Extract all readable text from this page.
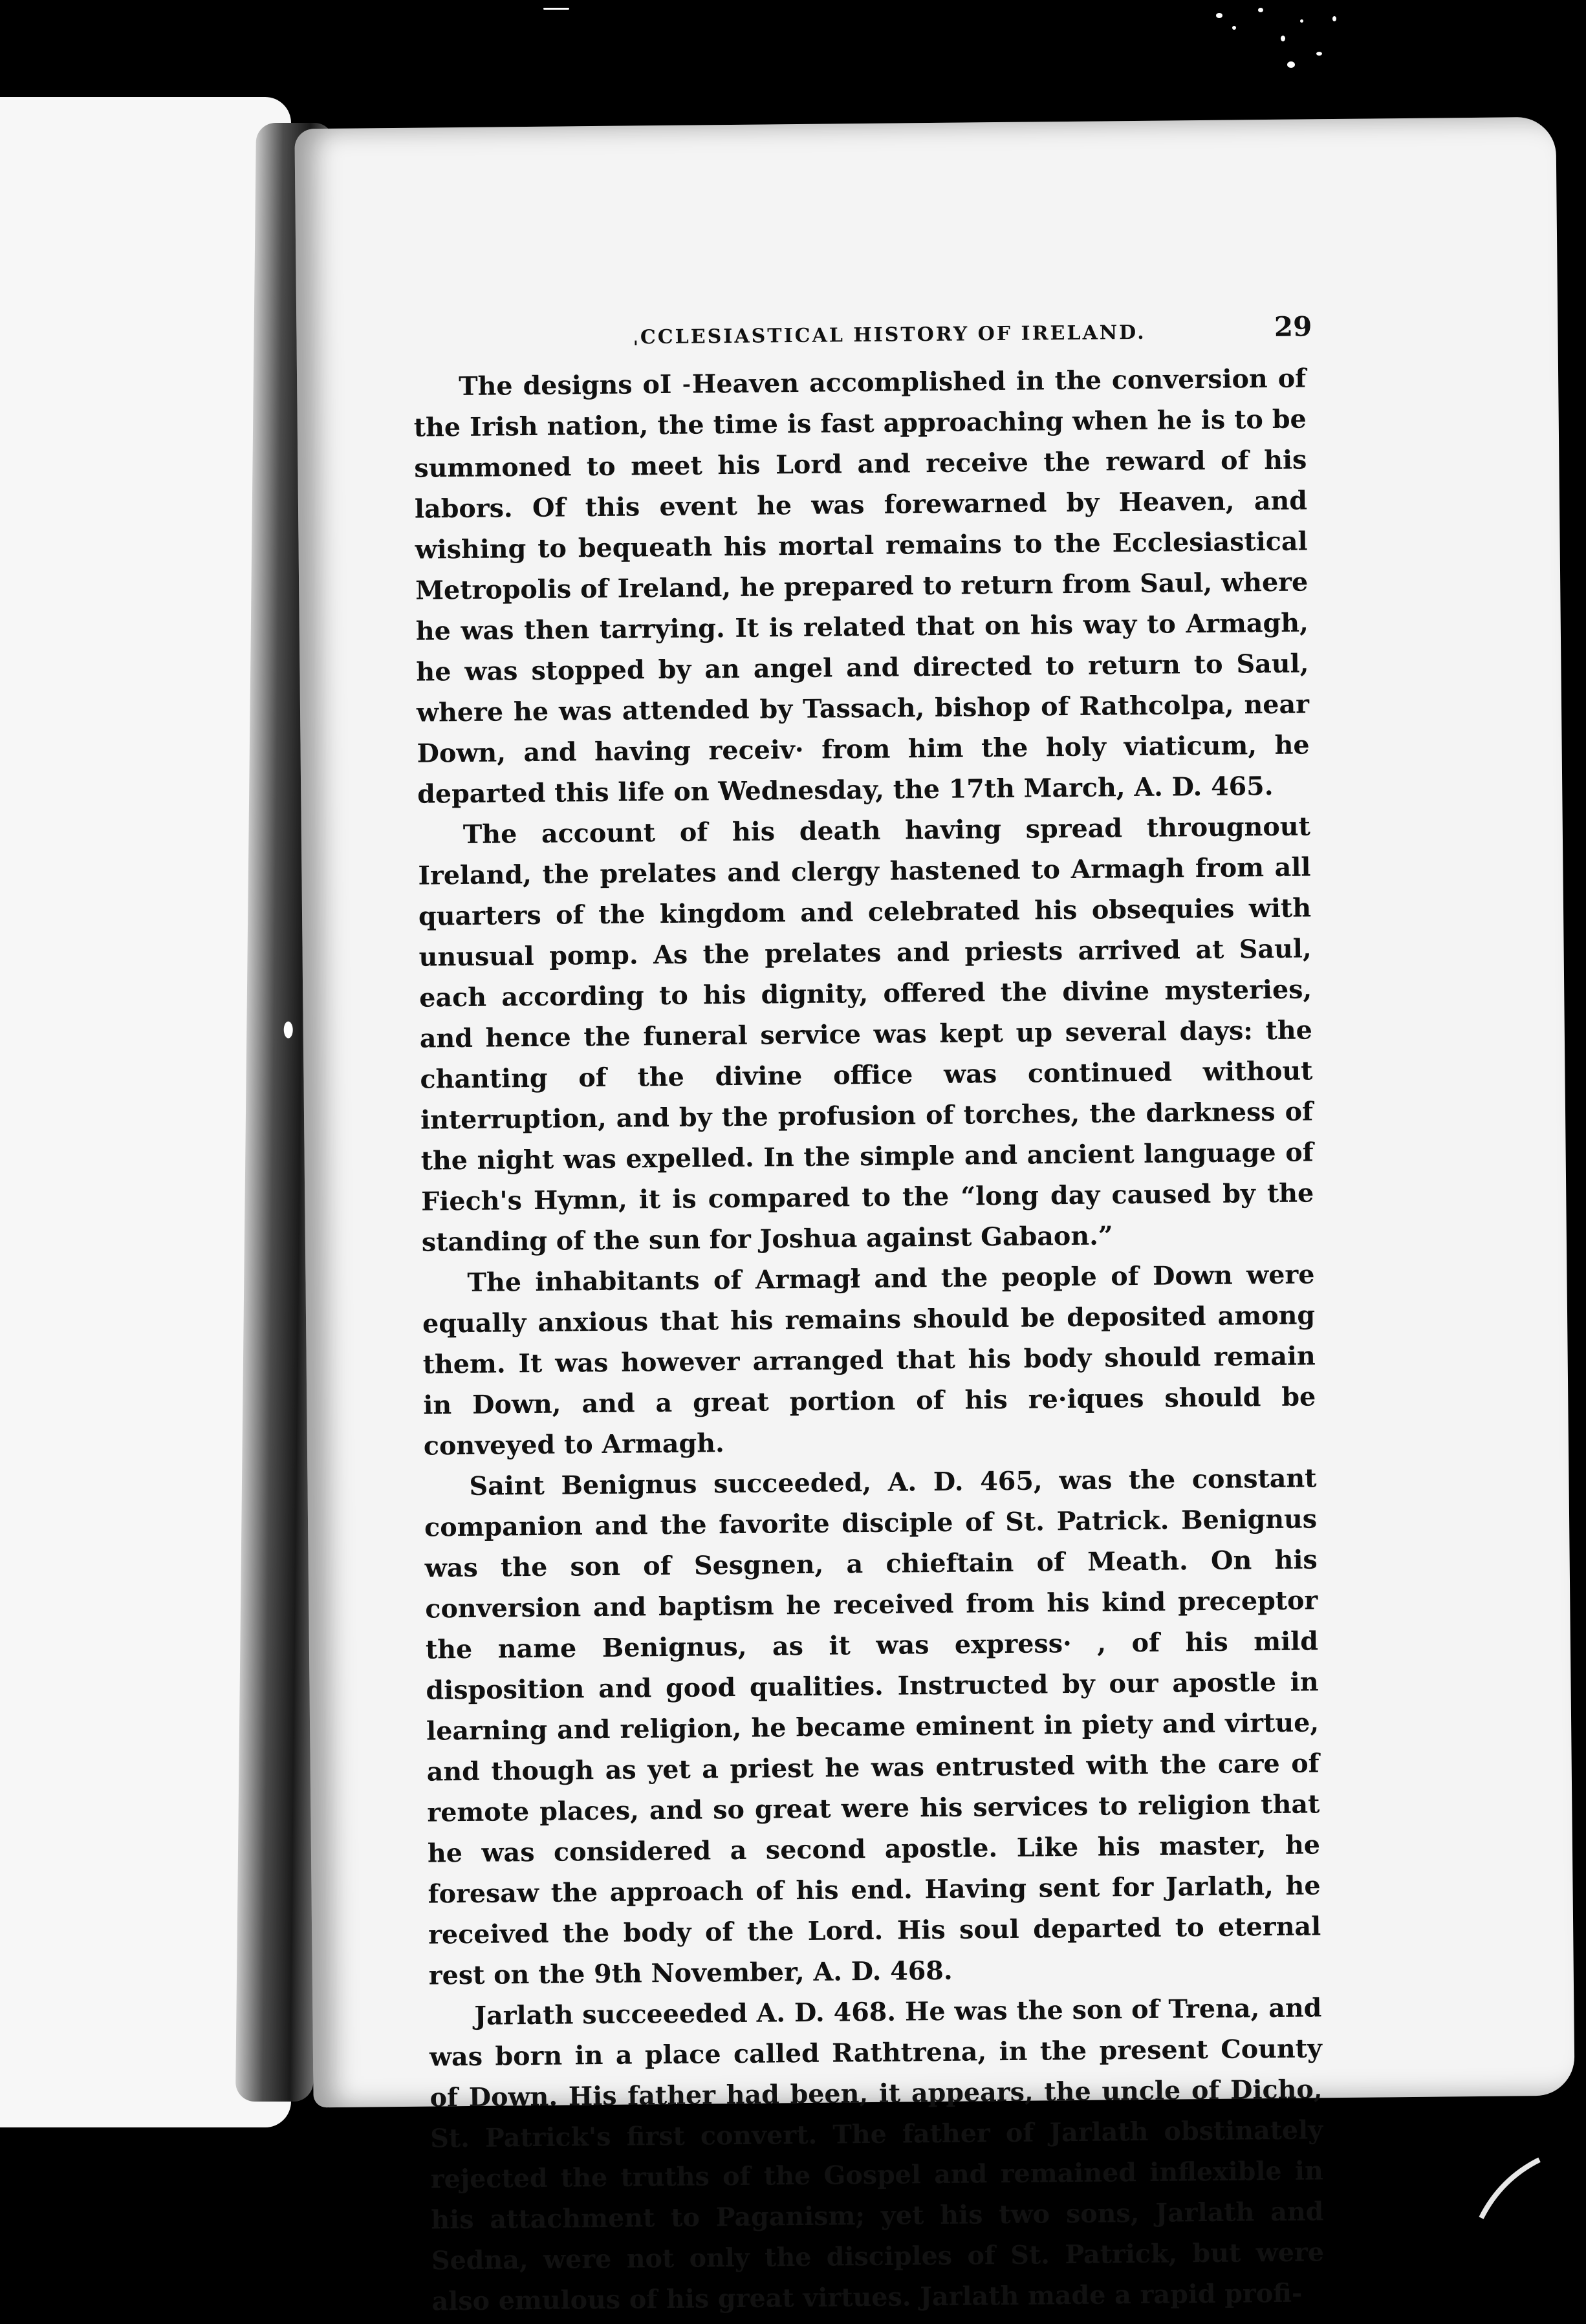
ˌCCLESIASTICAL HISTORY OF IRELAND.	29

The designs oI ˗Heaven accomplished in the conversion of the Irish nation, the time is fast approaching when he is to be summoned to meet his Lord and receive the reward of his labors. Of this event he was forewarned by Heaven, and wishing to bequeath his mortal remains to the Ecclesiastical Metropolis of Ireland, he prepared to return from Saul, where he was then tarrying. It is related that on his way to Armagh, he was stopped by an angel and directed to return to Saul, where he was attended by Tassach, bishop of Rathcolpa, near Down, and having receiv· from him the holy viaticum, he departed this life on Wednesday, the 17th March, A. D. 465.

The account of his death having spread througnout Ireland, the prelates and clergy hastened to Armagh from all quarters of the kingdom and celebrated his obsequies with unusual pomp. As the prelates and priests arrived at Saul, each according to his dignity, offered the divine mysteries, and hence the funeral service was kept up several days: the chanting of the divine office was continued without interruption, and by the profusion of torches, the darkness of the night was expelled. In the simple and ancient language of Fiech's Hymn, it is compared to the “long day caused by the standing of the sun for Joshua against Gabaon.”

The inhabitants of Armagł and the people of Down were equally anxious that his remains should be deposited among them. It was however arranged that his body should remain in Down, and a great portion of his re·iques should be conveyed to Armagh.

Saint Benignus succeeded, A. D. 465, was the constant companion and the favorite disciple of St. Patrick. Benignus was the son of Sesgnen, a chieftain of Meath. On his conversion and baptism he received from his kind preceptor the name Benignus, as it was express· , of his mild disposition and good qualities. Instructed by our apostle in learning and religion, he became eminent in piety and virtue, and though as yet a priest he was entrusted with the care of remote places, and so great were his services to religion that he was considered a second apostle. Like his master, he foresaw the approach of his end. Having sent for Jarlath, he received the body of the Lord. His soul departed to eternal rest on the 9th November, A. D. 468.

Jarlath succeeeded A. D. 468. He was the son of Trena, and was born in a place called Rathtrena, in the present County of Down. His father had been, it appears, the uncle of Dicho, St. Patrick's first convert. The father of Jarlath obstinately rejected the truths of the Gospel and remained inflexible in his attachment to Paganism; yet his two sons, Jarlath and Sedna, were not only the disciples of St. Patrick, but were also emulous of his great virtues. Jarlath made a rapid profi-
